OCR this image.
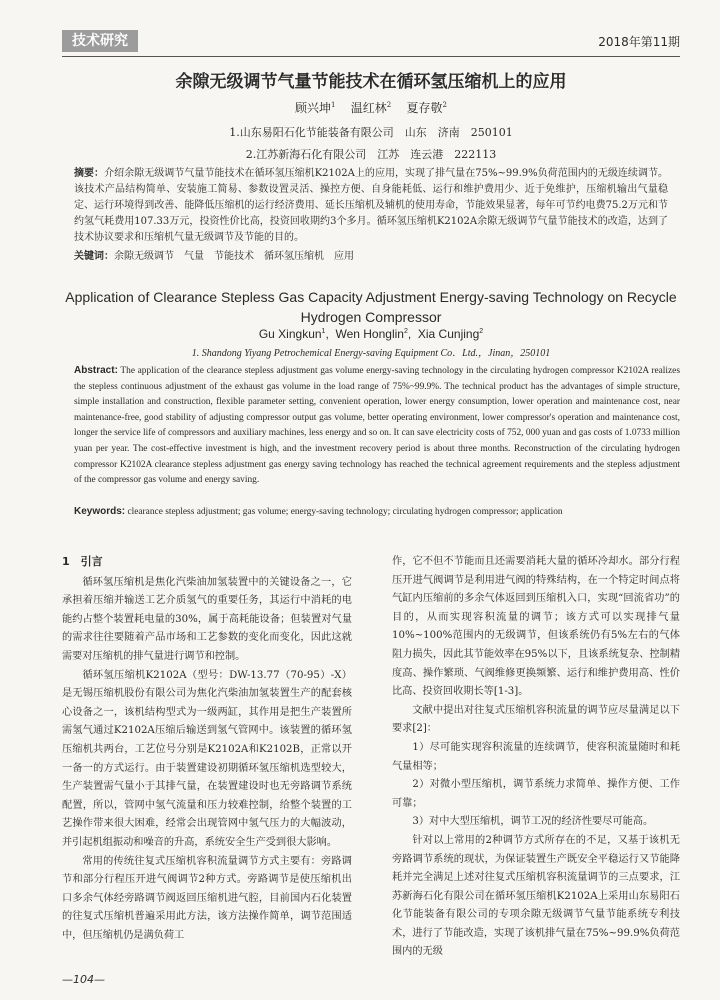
技术研究	2018年第11期
余隙无级调节气量节能技术在循环氢压缩机上的应用
顾兴坤$^1$ 温红林$^2$ 夏存敬$^2$
1.山东易阳石化节能装备有限公司　山东　济南　250101
2.江苏新海石化有限公司　江苏　连云港　222113
摘要：介绍余隙无级调节气量节能技术在循环氢压缩机K2102A上的应用，实现了排气量在75%~99.9%负荷范围内的无级连续调节。该技术产品结构简单、安装施工简易、参数设置灵活、操控方便、自身能耗低、运行和维护费用少、近于免维护，压缩机输出气量稳定、运行环境得到改善、能降低压缩机的运行经济费用、延长压缩机及辅机的使用寿命，节能效果显著，每年可节约电费75.2万元和节约氢气耗费用107.33万元，投资性价比高，投资回收期约3个多月。循环氢压缩机K2102A余隙无级调节气量节能技术的改造，达到了技术协议要求和压缩机气量无级调节及节能的目的。
关键词：余隙无级调节　气量　节能技术　循环氢压缩机　应用
Application of Clearance Stepless Gas Capacity Adjustment Energy-saving Technology on Recycle
Hydrogen Compressor
Gu Xingkun$^1$,  Wen Honglin$^2$,  Xia Cunjing$^2$
1. Shandong Yiyang Petrochemical Energy-saving Equipment Co．Ltd.，Jinan，250101
Abstract: The application of the clearance stepless adjustment gas volume energy-saving technology in the circulating hydrogen compressor K2102A realizes the stepless continuous adjustment of the exhaust gas volume in the load range of 75%~99.9%. The technical product has the advantages of simple structure, simple installation and construction, flexible parameter setting, convenient operation, lower energy consumption, lower operation and maintenance cost, near maintenance-free, good stability of adjusting compressor output gas volume, better operating environment, lower compressor's operation and maintenance cost, longer the service life of compressors and auxiliary machines, less energy and so on. It can save electricity costs of 752, 000 yuan and gas costs of 1.0733 million yuan per year. The cost-effective investment is high, and the investment recovery period is about three months. Reconstruction of the circulating hydrogen compressor K2102A clearance stepless adjustment gas energy saving technology has reached the technical agreement requirements and the stepless adjustment of the compressor gas volume and energy saving.
Keywords: clearance stepless adjustment; gas volume; energy-saving technology; circulating hydrogen compressor; application
1　引言

循环氢压缩机是焦化汽柴油加氢装置中的关键设备之一，它承担着压缩并输送工艺介质氢气的重要任务，其运行中消耗的电能约占整个装置耗电量的30%，属于高耗能设备；但装置对气量的需求往往要随着产品市场和工艺参数的变化而变化，因此这就需要对压缩机的排气量进行调节和控制。

循环氢压缩机K2102A（型号：DW-13.77（70-95）-X）是无锡压缩机股份有限公司为焦化汽柴油加氢装置生产的配套核心设备之一，该机结构型式为一级两缸，其作用是把生产装置所需氢气通过K2102A压缩后输送到氢气管网中。该装置的循环氢压缩机共两台，工艺位号分别是K2102A和K2102B，正常以开一备一的方式运行。由于装置建设初期循环氢压缩机选型较大，生产装置需气量小于其排气量，在装置建设时也无旁路调节系统配置，所以，管网中氢气流量和压力较难控制，给整个装置的工艺操作带来很大困难，经常会出现管网中氢气压力的大幅波动，并引起机组振动和噪音的升高，系统安全生产受到很大影响。

常用的传统往复式压缩机容积流量调节方式主要有：旁路调节和部分行程压开进气阀调节2种方式。旁路调节是使压缩机出口多余气体经旁路调节阀返回压缩机进气腔，目前国内石化装置的往复式压缩机普遍采用此方法，该方法操作简单，调节范围适中，但压缩机仍是满负荷工

作，它不但不节能而且还需要消耗大量的循环冷却水。部分行程压开进气阀调节是利用进气阀的特殊结构，在一个特定时间点将气缸内压缩前的多余气体返回到压缩机入口，实现“回流省功”的目的，从而实现容积流量的调节；该方式可以实现排气量10%~100%范围内的无级调节，但该系统仍有5%左右的气体阻力损失，因此其节能效率在95%以下，且该系统复杂、控制精度高、操作繁琐、气阀维修更换频繁、运行和维护费用高、性价比高、投资回收期长等[1-3]。

文献中提出对往复式压缩机容积流量的调节应尽量满足以下要求[2]：

1）尽可能实现容积流量的连续调节，使容积流量随时和耗气量相等；

2）对微小型压缩机，调节系统力求简单、操作方便、工作可靠；

3）对中大型压缩机，调节工况的经济性要尽可能高。

针对以上常用的2种调节方式所存在的不足，又基于该机无旁路调节系统的现状，为保证装置生产既安全平稳运行又节能降耗并完全满足上述对往复式压缩机容积流量调节的三点要求，江苏新海石化有限公司在循环氢压缩机K2102A上采用山东易阳石化节能装备有限公司的专项余隙无级调节气量节能系统专利技术，进行了节能改造，实现了该机排气量在75%~99.9%负荷范围内的无级

—104—
